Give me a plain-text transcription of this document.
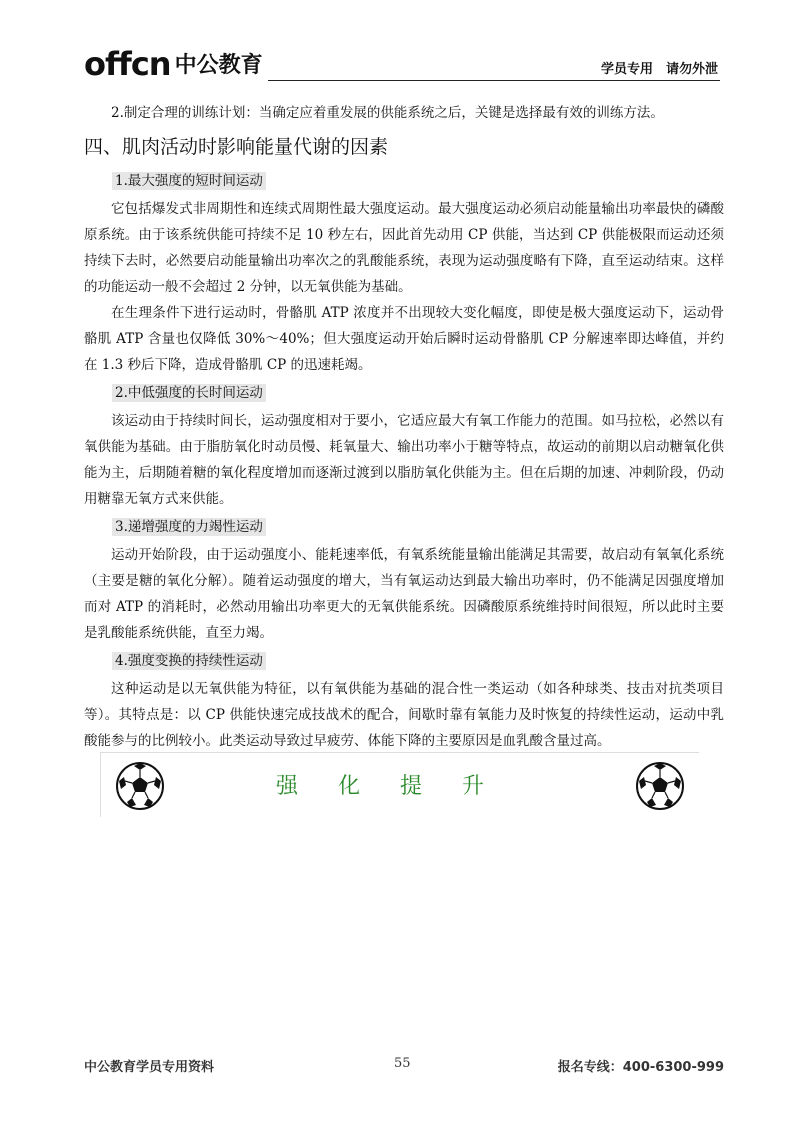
offcn 中公教育	学员专用　请勿外泄

2.制定合理的训练计划：当确定应着重发展的供能系统之后，关键是选择最有效的训练方法。

四、肌肉活动时影响能量代谢的因素
1.最大强度的短时间运动

它包括爆发式非周期性和连续式周期性最大强度运动。最大强度运动必须启动能量输出功率最快的磷酸原系统。由于该系统供能可持续不足 10 秒左右，因此首先动用 CP 供能，当达到 CP 供能极限而运动还须持续下去时，必然要启动能量输出功率次之的乳酸能系统，表现为运动强度略有下降，直至运动结束。这样的功能运动一般不会超过 2 分钟，以无氧供能为基础。

在生理条件下进行运动时，骨骼肌 ATP 浓度并不出现较大变化幅度，即使是极大强度运动下，运动骨骼肌 ATP 含量也仅降低 30%～40%；但大强度运动开始后瞬时运动骨骼肌 CP 分解速率即达峰值，并约在 1.3 秒后下降，造成骨骼肌 CP 的迅速耗竭。

2.中低强度的长时间运动

该运动由于持续时间长，运动强度相对于要小，它适应最大有氧工作能力的范围。如马拉松，必然以有氧供能为基础。由于脂肪氧化时动员慢、耗氧量大、输出功率小于糖等特点，故运动的前期以启动糖氧化供能为主，后期随着糖的氧化程度增加而逐渐过渡到以脂肪氧化供能为主。但在后期的加速、冲刺阶段，仍动用糖靠无氧方式来供能。

3.递增强度的力竭性运动

运动开始阶段，由于运动强度小、能耗速率低，有氧系统能量输出能满足其需要，故启动有氧氧化系统（主要是糖的氧化分解）。随着运动强度的增大，当有氧运动达到最大输出功率时，仍不能满足因强度增加而对 ATP 的消耗时，必然动用输出功率更大的无氧供能系统。因磷酸原系统维持时间很短，所以此时主要是乳酸能系统供能，直至力竭。

4.强度变换的持续性运动

这种运动是以无氧供能为特征，以有氧供能为基础的混合性一类运动（如各种球类、技击对抗类项目等）。其特点是：以 CP 供能快速完成技战术的配合，间歇时靠有氧能力及时恢复的持续性运动，运动中乳酸能参与的比例较小。此类运动导致过早疲劳、体能下降的主要原因是血乳酸含量过高。

强化提升
中公教育学员专用资料	55	报名专线：400-6300-999
